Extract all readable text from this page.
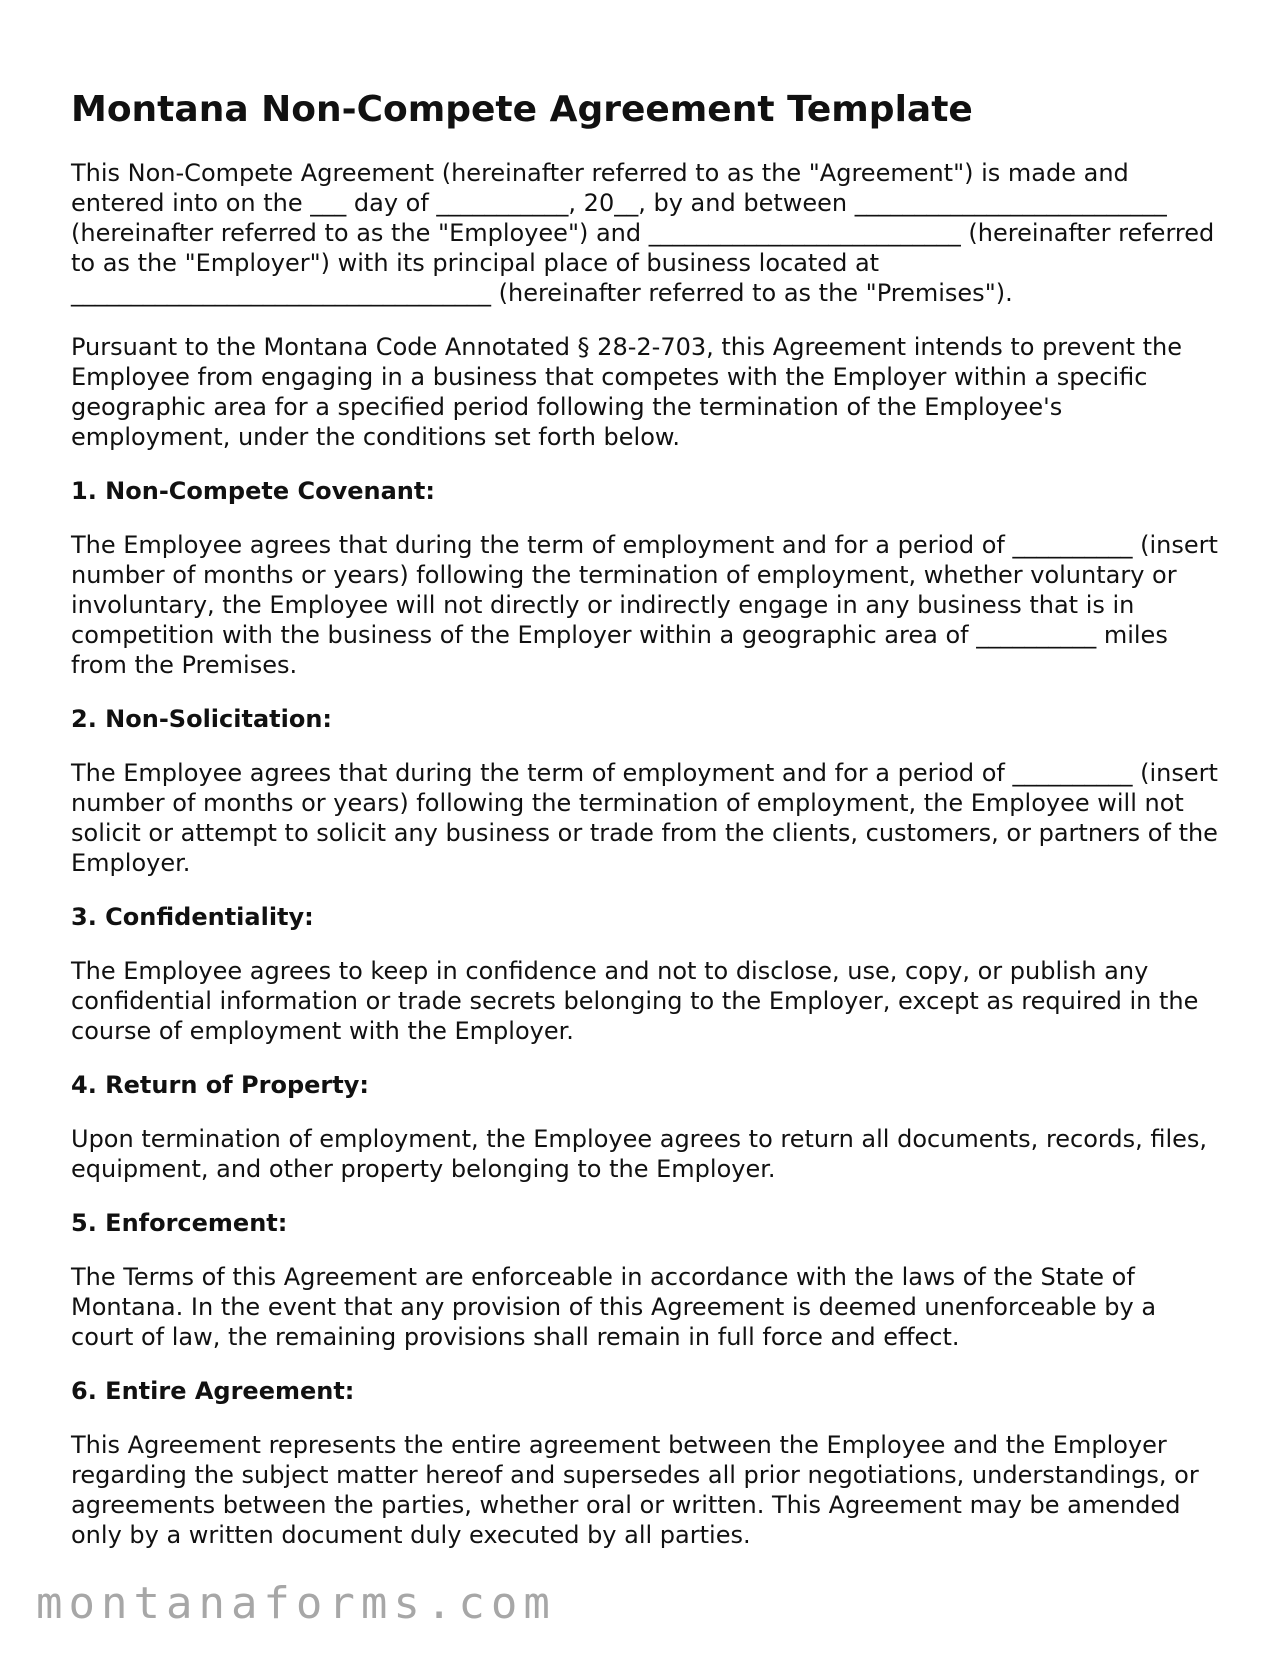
Montana Non-Compete Agreement Template

This Non-Compete Agreement (hereinafter referred to as the "Agreement") is made and entered into on the ___ day of ___________, 20__, by and between __________________________ (hereinafter referred to as the "Employee") and __________________________ (hereinafter referred to as the "Employer") with its principal place of business located at ___________________________________ (hereinafter referred to as the "Premises").

Pursuant to the Montana Code Annotated § 28-2-703, this Agreement intends to prevent the Employee from engaging in a business that competes with the Employer within a specific geographic area for a specified period following the termination of the Employee's employment, under the conditions set forth below.

1. Non-Compete Covenant:

The Employee agrees that during the term of employment and for a period of __________ (insert number of months or years) following the termination of employment, whether voluntary or involuntary, the Employee will not directly or indirectly engage in any business that is in competition with the business of the Employer within a geographic area of __________ miles from the Premises.

2. Non-Solicitation:

The Employee agrees that during the term of employment and for a period of __________ (insert number of months or years) following the termination of employment, the Employee will not solicit or attempt to solicit any business or trade from the clients, customers, or partners of the Employer.

3. Confidentiality:

The Employee agrees to keep in confidence and not to disclose, use, copy, or publish any confidential information or trade secrets belonging to the Employer, except as required in the course of employment with the Employer.

4. Return of Property:

Upon termination of employment, the Employee agrees to return all documents, records, files, equipment, and other property belonging to the Employer.

5. Enforcement:

The Terms of this Agreement are enforceable in accordance with the laws of the State of Montana. In the event that any provision of this Agreement is deemed unenforceable by a court of law, the remaining provisions shall remain in full force and effect.

6. Entire Agreement:

This Agreement represents the entire agreement between the Employee and the Employer regarding the subject matter hereof and supersedes all prior negotiations, understandings, or agreements between the parties, whether oral or written. This Agreement may be amended only by a written document duly executed by all parties.

montanaforms.com
